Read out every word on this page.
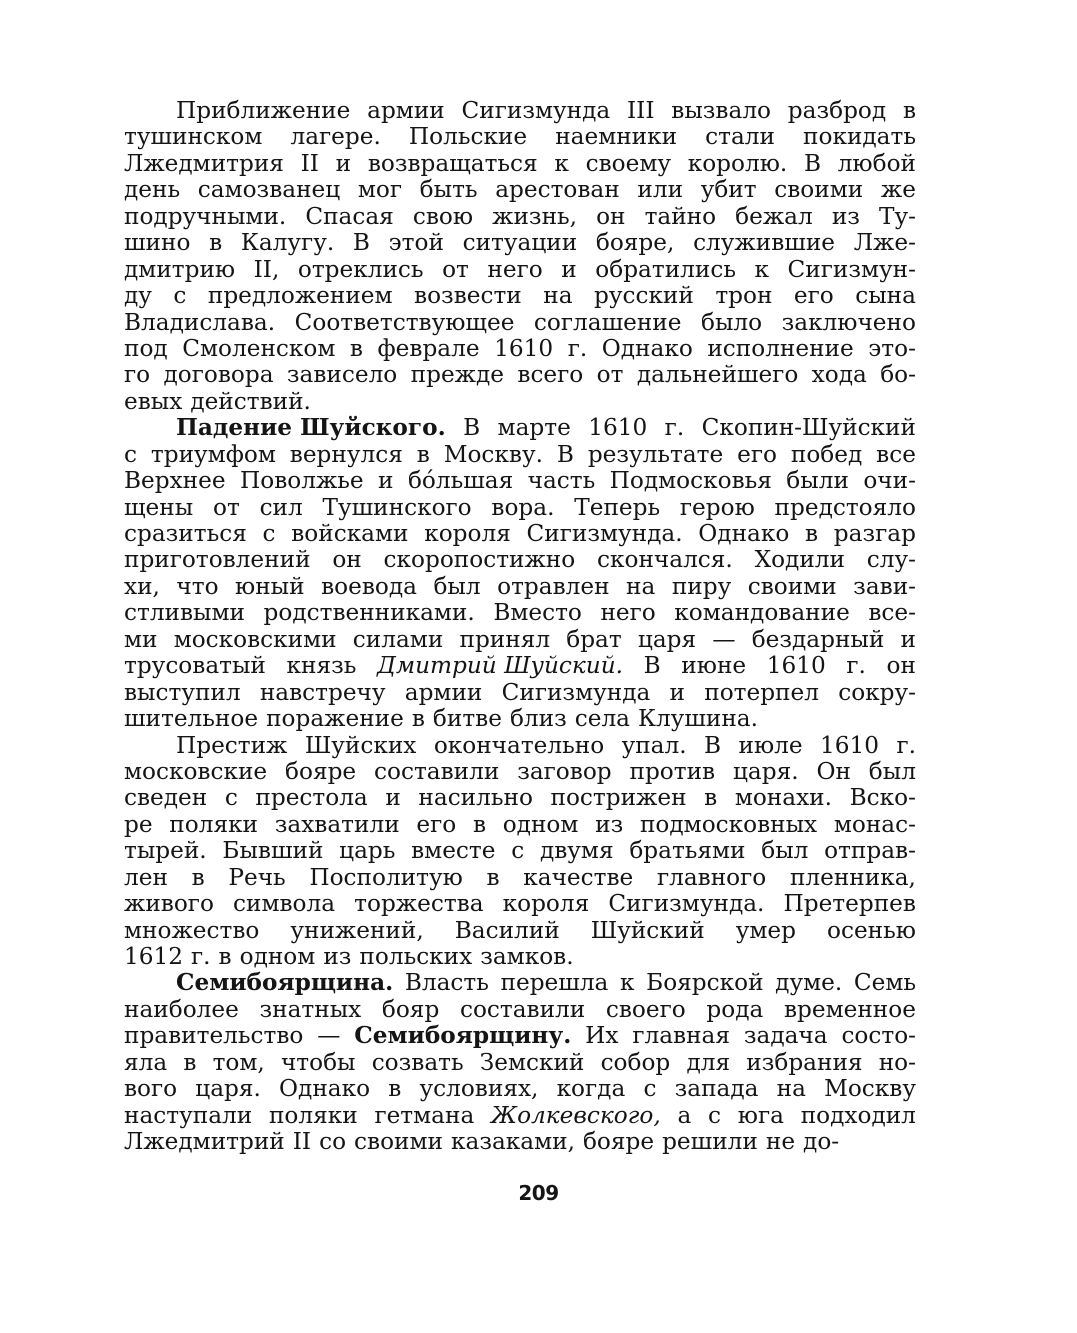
Приближение армии Сигизмунда III вызвало разброд в
тушинском лагере. Польские наемники стали покидать
Лжедмитрия II и возвращаться к своему королю. В любой
день самозванец мог быть арестован или убит своими же
подручными. Спасая свою жизнь, он тайно бежал из Ту-
шино в Калугу. В этой ситуации бояре, служившие Лже-
дмитрию II, отреклись от него и обратились к Сигизмун-
ду с предложением возвести на русский трон его сына
Владислава. Соответствующее соглашение было заключено
под Смоленском в феврале 1610 г. Однако исполнение это-
го договора зависело прежде всего от дальнейшего хода бо-
евых действий.
Падение Шуйского. В марте 1610 г. Скопин-Шуйский
с триумфом вернулся в Москву. В результате его побед все
Верхнее Поволжье и бóльшая часть Подмосковья были очи-
щены от сил Тушинского вора. Теперь герою предстояло
сразиться с войсками короля Сигизмунда. Однако в разгар
приготовлений он скоропостижно скончался. Ходили слу-
хи, что юный воевода был отравлен на пиру своими зави-
стливыми родственниками. Вместо него командование все-
ми московскими силами принял брат царя — бездарный и
трусоватый князь Дмитрий Шуйский. В июне 1610 г. он
выступил навстречу армии Сигизмунда и потерпел сокру-
шительное поражение в битве близ села Клушина.
Престиж Шуйских окончательно упал. В июле 1610 г.
московские бояре составили заговор против царя. Он был
сведен с престола и насильно пострижен в монахи. Вско-
ре поляки захватили его в одном из подмосковных монас-
тырей. Бывший царь вместе с двумя братьями был отправ-
лен в Речь Посполитую в качестве главного пленника,
живого символа торжества короля Сигизмунда. Претерпев
множество унижений, Василий Шуйский умер осенью
1612 г. в одном из польских замков.
Семибоярщина. Власть перешла к Боярской думе. Семь
наиболее знатных бояр составили своего рода временное
правительство — Семибоярщину. Их главная задача состо-
яла в том, чтобы созвать Земский собор для избрания но-
вого царя. Однако в условиях, когда с запада на Москву
наступали поляки гетмана Жолкевского, а с юга подходил
Лжедмитрий II со своими казаками, бояре решили не до-
209
